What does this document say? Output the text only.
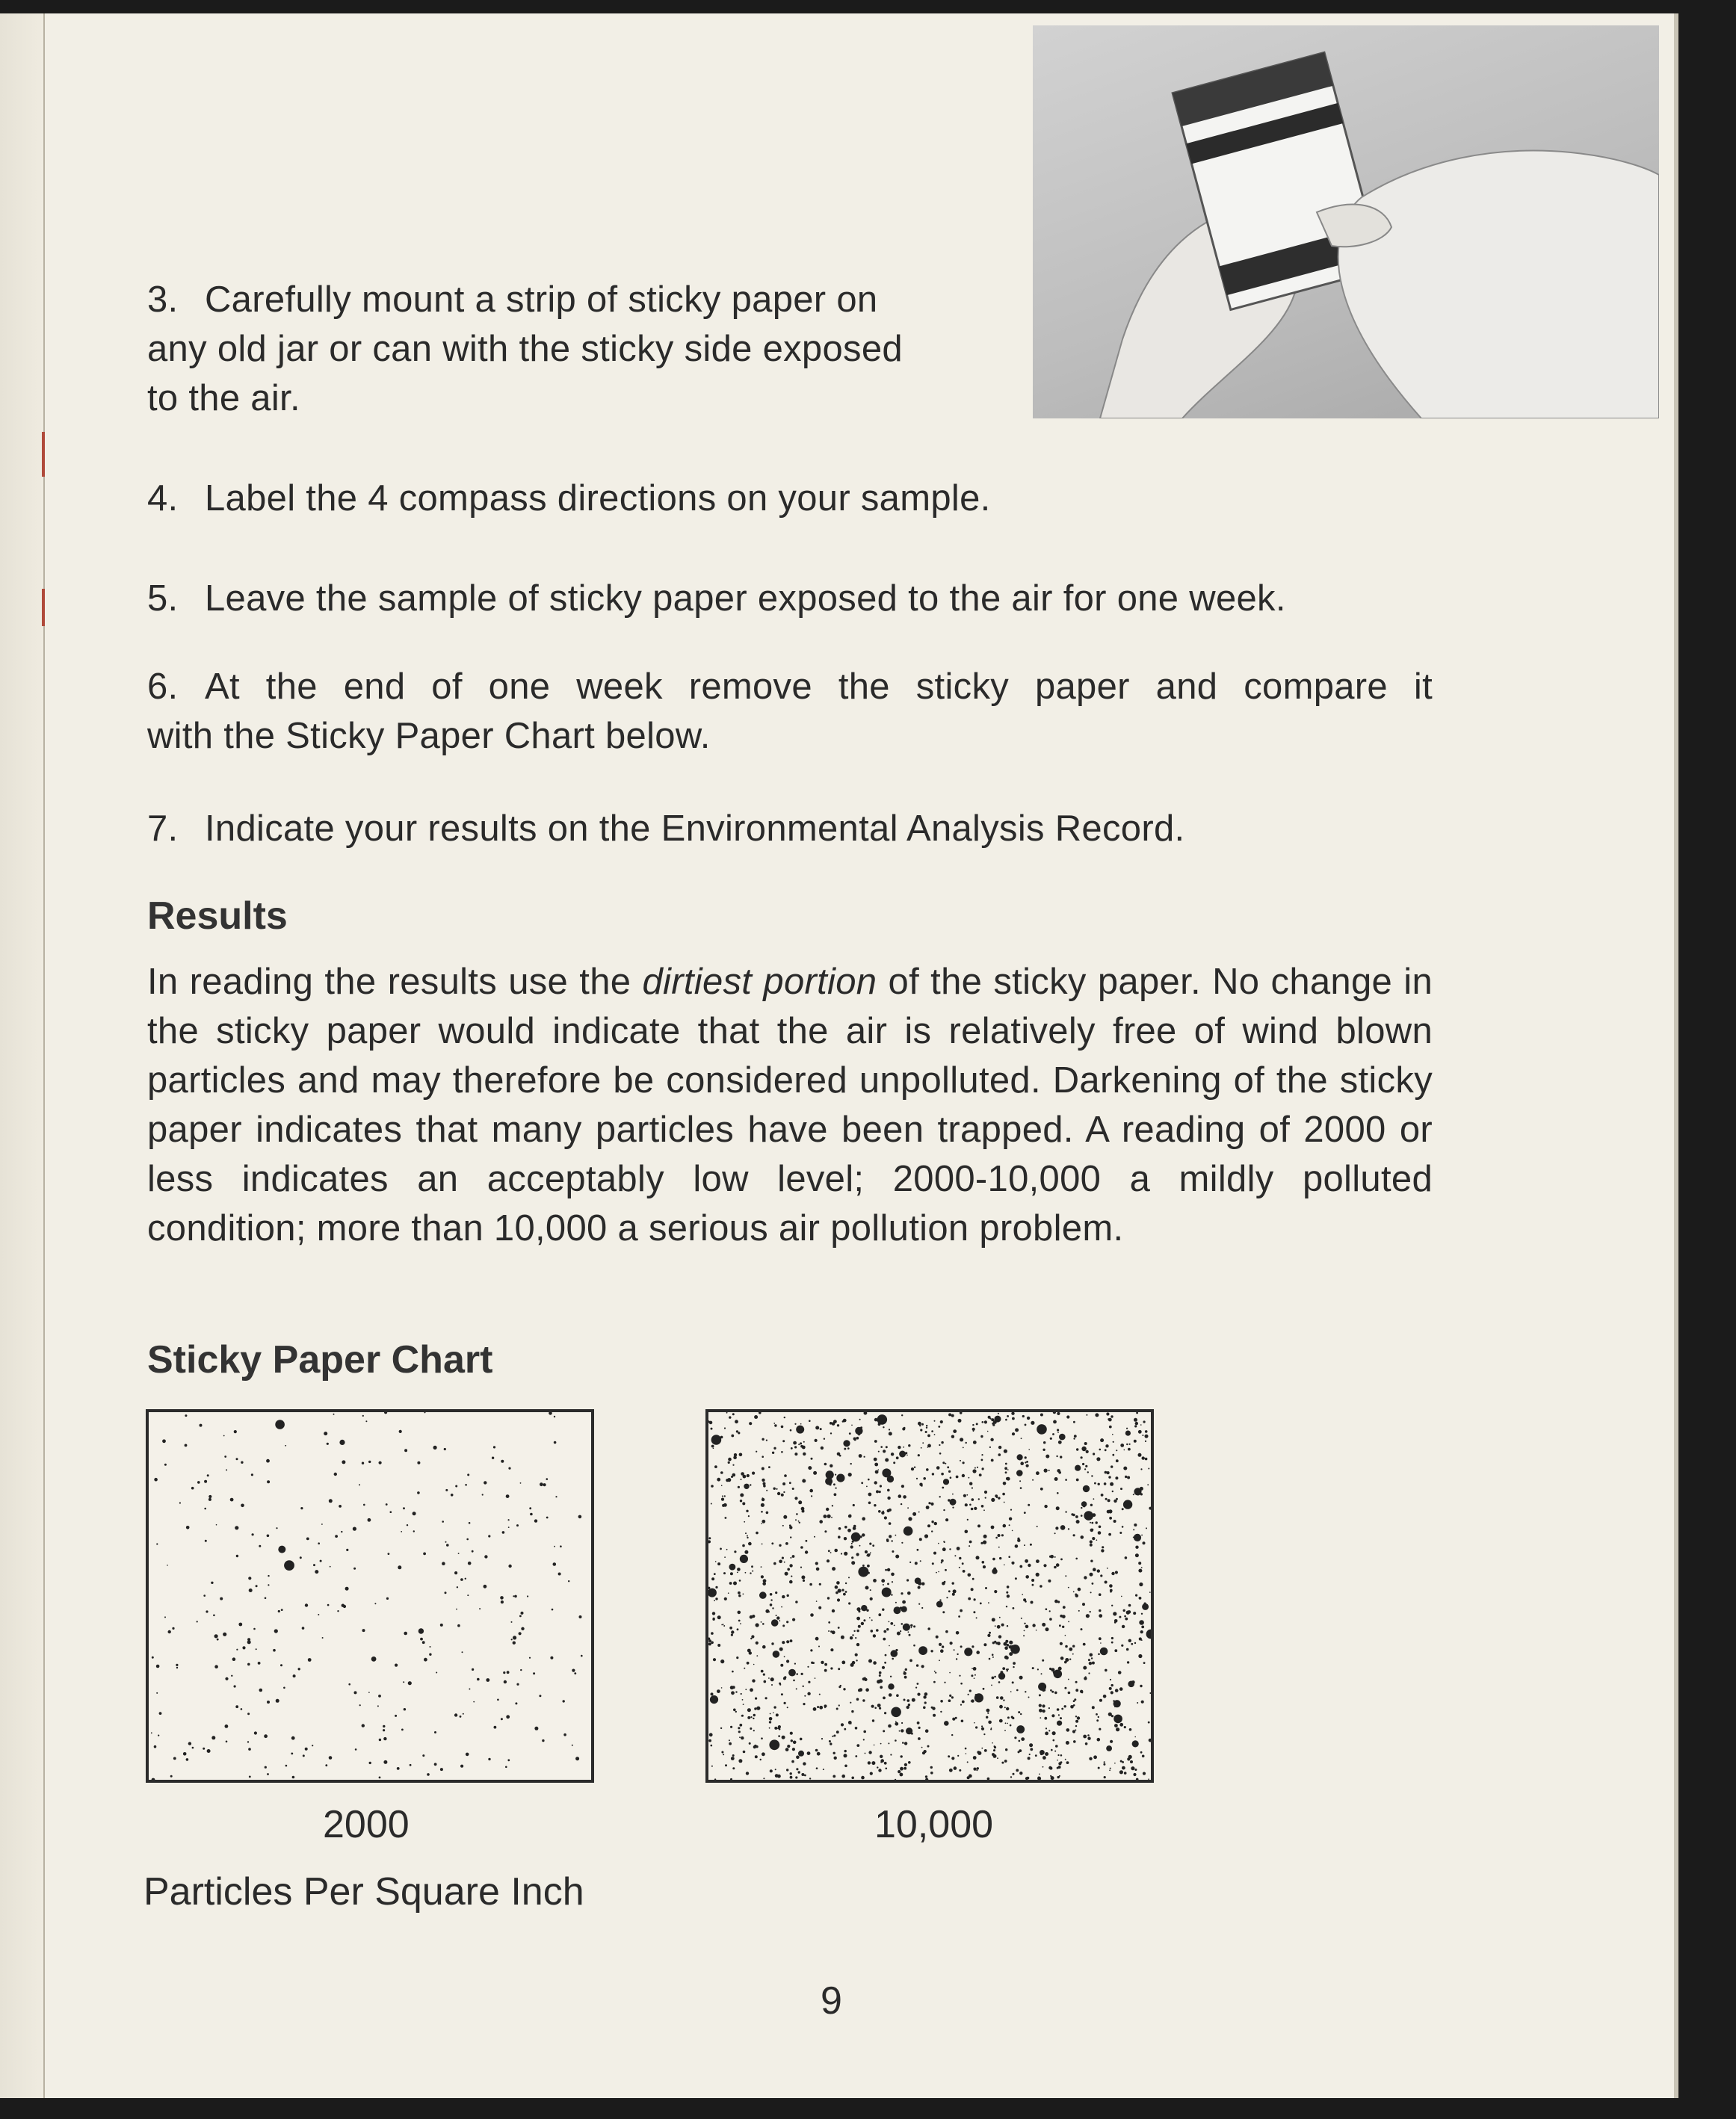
3. Carefully mount a strip of sticky paper on
any old jar or can with the sticky side exposed
to the air.
4. Label the 4 compass directions on your sample.
5. Leave the sample of sticky paper exposed to the air for one week.
6. At the end of one week remove the sticky paper and compare it
with the Sticky Paper Chart below.
7. Indicate your results on the Environmental Analysis Record.
Results
In reading the results use the dirtiest portion of the sticky paper. No change in the sticky paper would indicate that the air is relatively free of wind blown particles and may therefore be considered unpolluted. Darkening of the sticky paper indicates that many particles have been trapped. A reading of 2000 or less indicates an acceptably low level; 2000-10,000 a mildly polluted condition; more than 10,000 a serious air pollution problem.
Sticky Paper Chart
2000	10,000
Particles Per Square Inch
9
